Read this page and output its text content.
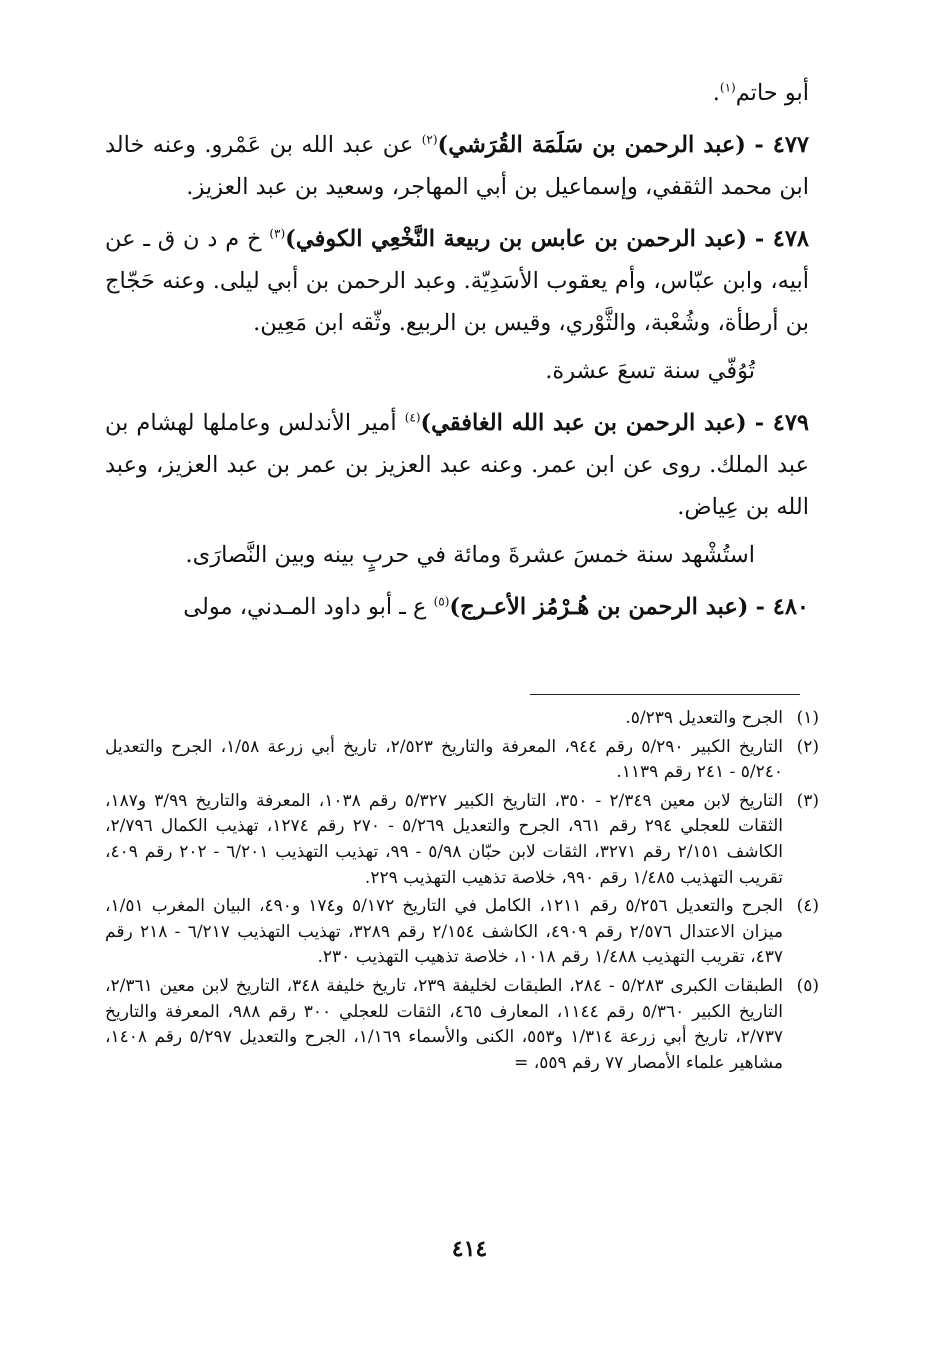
أبو حاتم$^{(١)}$.

٤٧٧ - (عبد الرحمن بن سَلَمَة القُرَشي)$^{(٢)}$ عن عبد الله بن عَمْرو. وعنه خالد ابن محمد الثقفي، وإسماعيل بن أبي المهاجر، وسعيد بن عبد العزيز.

٤٧٨ - (عبد الرحمن بن عابس بن ربيعة النَّخْعِي الكوفي)$^{(٣)}$ خ م د ن ق ـ عن أبيه، وابن عبّاس، وأم يعقوب الأسَدِيّة. وعبد الرحمن بن أبي ليلى. وعنه حَجّاج بن أرطأة، وشُعْبة، والثَّوْري، وقيس بن الربيع. وثّقه ابن مَعِين.

تُوُفّي سنة تسعَ عشرة.

٤٧٩ - (عبد الرحمن بن عبد الله الغافقي)$^{(٤)}$ أمير الأندلس وعاملها لهشام بن عبد الملك. روى عن ابن عمر. وعنه عبد العزيز بن عمر بن عبد العزيز، وعبد الله بن عِياض.

استُشْهد سنة خمسَ عشرةَ ومائة في حربٍ بينه وبين النَّصارَى.

٤٨٠ - (عبد الرحمن بن هُـرْمُز الأعـرج)$^{(٥)}$ ع ـ أبو داود المـدني، مولى

(١)
الجرح والتعديل ٥/٢٣٩.
(٢)
التاريخ الكبير ٥/٢٩٠ رقم ٩٤٤، المعرفة والتاريخ ٢/٥٢٣، تاريخ أبي زرعة ١/٥٨، الجرح والتعديل ٥/٢٤٠ - ٢٤١ رقم ١١٣٩.
(٣)
التاريخ لابن معين ٢/٣٤٩ - ٣٥٠، التاريخ الكبير ٥/٣٢٧ رقم ١٠٣٨، المعرفة والتاريخ ٣/٩٩ و١٨٧، الثقات للعجلي ٢٩٤ رقم ٩٦١، الجرح والتعديل ٥/٢٦٩ - ٢٧٠ رقم ١٢٧٤، تهذيب الكمال ٢/٧٩٦، الكاشف ٢/١٥١ رقم ٣٢٧١، الثقات لابن حبّان ٥/٩٨ - ٩٩، تهذيب التهذيب ٦/٢٠١ - ٢٠٢ رقم ٤٠٩، تقريب التهذيب ١/٤٨٥ رقم ٩٩٠، خلاصة تذهيب التهذيب ٢٢٩.
(٤)
الجرح والتعديل ٥/٢٥٦ رقم ١٢١١، الكامل في التاريخ ٥/١٧٢ و١٧٤ و٤٩٠، البيان المغرب ١/٥١، ميزان الاعتدال ٢/٥٧٦ رقم ٤٩٠٩، الكاشف ٢/١٥٤ رقم ٣٢٨٩، تهذيب التهذيب ٦/٢١٧ - ٢١٨ رقم ٤٣٧، تقريب التهذيب ١/٤٨٨ رقم ١٠١٨، خلاصة تذهيب التهذيب ٢٣٠.
(٥)
الطبقات الكبرى ٥/٢٨٣ - ٢٨٤، الطبقات لخليفة ٢٣٩، تاريخ خليفة ٣٤٨، التاريخ لابن معين ٢/٣٦١، التاريخ الكبير ٥/٣٦٠ رقم ١١٤٤، المعارف ٤٦٥، الثقات للعجلي ٣٠٠ رقم ٩٨٨، المعرفة والتاريخ ٢/٧٣٧، تاريخ أبي زرعة ١/٣١٤ و٥٥٣، الكنى والأسماء ١/١٦٩، الجرح والتعديل ٥/٢٩٧ رقم ١٤٠٨، مشاهير علماء الأمصار ٧٧ رقم ٥٥٩، =
٤١٤
